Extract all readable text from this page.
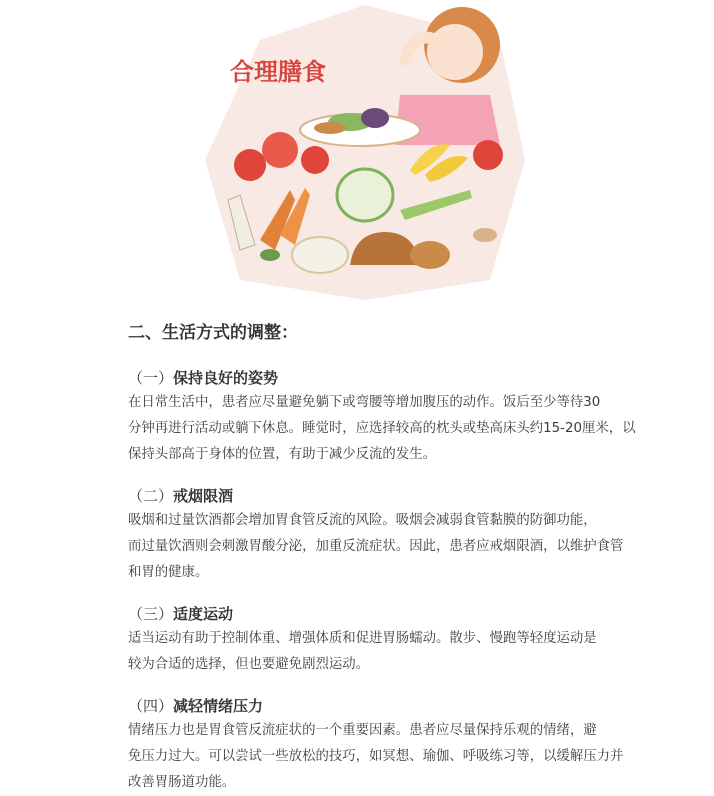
合理膳食
二、生活方式的调整：
（一）保持良好的姿势

在日常生活中，患者应尽量避免躺下或弯腰等增加腹压的动作。饭后至少等待30

分钟再进行活动或躺下休息。睡觉时，应选择较高的枕头或垫高床头约15-20厘米，以

保持头部高于身体的位置，有助于减少反流的发生。

（二）戒烟限酒

吸烟和过量饮酒都会增加胃食管反流的风险。吸烟会减弱食管黏膜的防御功能，

而过量饮酒则会刺激胃酸分泌，加重反流症状。因此，患者应戒烟限酒，以维护食管

和胃的健康。

（三）适度运动

适当运动有助于控制体重、增强体质和促进胃肠蠕动。散步、慢跑等轻度运动是

较为合适的选择，但也要避免剧烈运动。

（四）减轻情绪压力

情绪压力也是胃食管反流症状的一个重要因素。患者应尽量保持乐观的情绪，避

免压力过大。可以尝试一些放松的技巧，如冥想、瑜伽、呼吸练习等，以缓解压力并

改善胃肠道功能。
